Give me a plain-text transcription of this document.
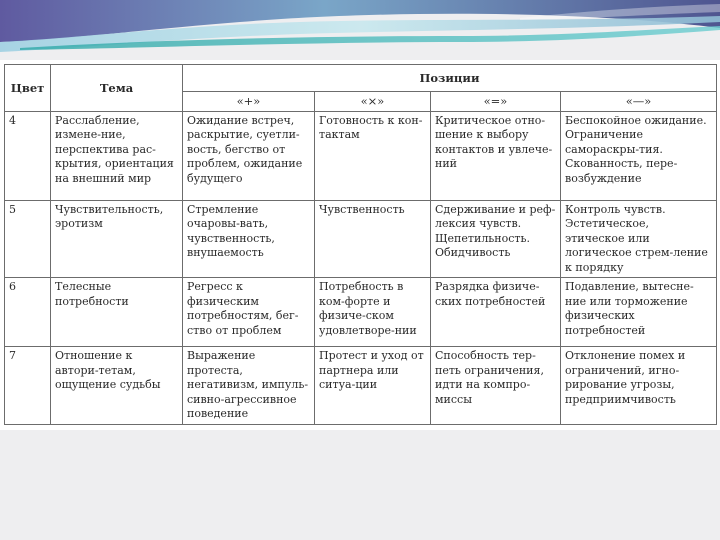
Цвет	Тема	Позиции			
		«+»	«×»	«=»	«—»
4	Расслабление, измене-ние, перспектива рас-крытия, ориентация на внешний мир	Ожидание встреч, раскрытие, суетли-вость, бегство от проблем, ожидание будущего	Готовность к кон-тактам	Критическое отно-шение к выбору контактов и увлече-ний	Беспокойное ожидание. Ограничение самораскры-тия. Скованность, пере-возбуждение
5	Чувствительность, эротизм	Стремление очаровы-вать, чувственность, внушаемость	Чувственность	Сдерживание и реф-лексия чувств. Щепетильность. Обидчивость	Контроль чувств. Эстетическое, этическое или логическое стрем-ление к порядку
6	Телесные потребности	Регресс к физическим потребностям, бег-ство от проблем	Потребность в ком-форте и физиче-ском удовлетворе-нии	Разрядка физиче-ских потребностей	Подавление, вытесне-ние или торможение физических потребностей
7	Отношение к автори-тетам, ощущение судьбы	Выражение протеста, негативизм, импуль-сивно-агрессивное поведение	Протест и уход от партнера или ситуа-ции	Способность тер-петь ограничения, идти на компро-миссы	Отклонение помех и ограничений, игно-рирование угрозы, предприимчивость
